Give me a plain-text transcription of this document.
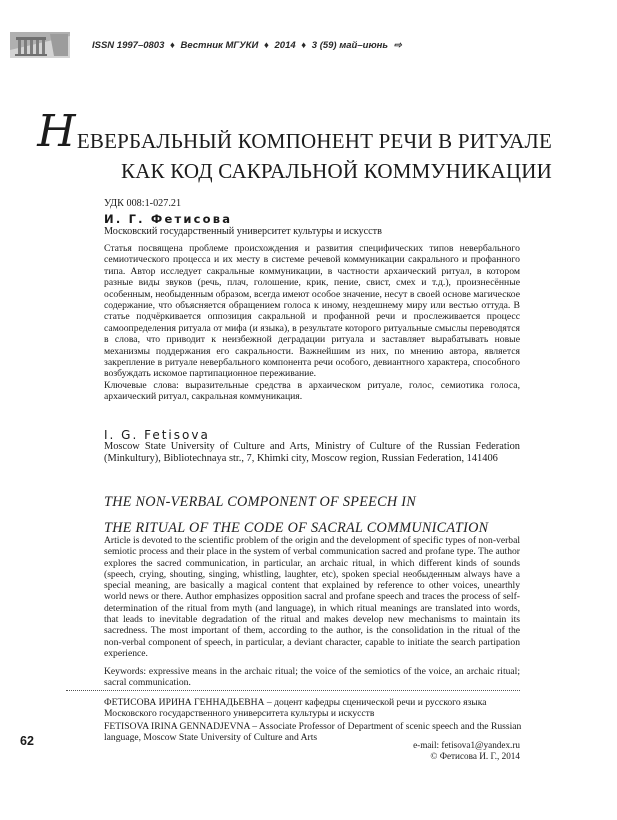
ISSN 1997–0803 ♦ Вестник МГУКИ ♦ 2014 ♦ 3 (59) май–июнь ⇨
Н ЕВЕРБАЛЬНЫЙ КОМПОНЕНТ РЕЧИ В РИТУАЛЕ
КАК КОД САКРАЛЬНОЙ КОММУНИКАЦИИ
УДК 008:1-027.21
И. Г. Фетисова
Московский государственный университет культуры и искусств
Статья посвящена проблеме происхождения и развития специфических типов невербального семиотического процесса и их месту в системе речевой коммуникации сакрального и профанного типа. Автор исследует сакральные коммуникации, в частности архаический ритуал, в котором разные виды звуков (речь, плач, голошение, крик, пение, свист, смех и т.д.), произнесённые особенным, необыденным образом, всегда имеют особое значение, несут в своей основе магическое содержание, что объясняется обращением голоса к иному, нездешнему миру или вестью оттуда. В статье подчёркивается оппозиция сакральной и профанной речи и прослеживается процесс самоопределения ритуала от мифа (и языка), в результате которого ритуальные смыслы переводятся в слова, что приводит к неизбежной деградации ритуала и заставляет вырабатывать новые механизмы поддержания его сакральности. Важнейшим из них, по мнению автора, является закрепление в ритуале невербального компонента речи особого, девиантного характера, способного возбуждать искомое партипационное переживание.
Ключевые слова: выразительные средства в архаическом ритуале, голос, семиотика голоса, архаический ритуал, сакральная коммуникация.
I. G. Fetisova
Moscow State University of Culture and Arts, Ministry of Culture of the Russian Federation (Minkultury), Bibliotechnaya str., 7, Khimki city, Moscow region, Russian Federation, 141406
THE NON-VERBAL COMPONENT OF SPEECH IN
THE RITUAL OF THE CODE OF SACRAL COMMUNICATION
Article is devoted to the scientific problem of the origin and the development of specific types of non-verbal semiotic process and their place in the system of verbal communication sacred and profane type. The author explores the sacred communication, in particular, an archaic ritual, in which different kinds of sounds (speech, crying, shouting, singing, whistling, laughter, etc), spoken special необыденным always have a special meaning, are basically a magical content that explained by reference to other voices, unearthly world news or there. Author emphasizes opposition sacral and profane speech and traces the process of self-determination of the ritual from myth (and language), in which ritual meanings are translated into words, that leads to inevitable degradation of the ritual and makes develop new mechanisms to maintain its sacredness. The most important of them, according to the author, is the consolidation in the ritual of the non-verbal component of speech, in particular, a deviant character, capable to initiate the search partipation experience.
Keywords: expressive means in the archaic ritual; the voice of the semiotics of the voice, an archaic ritual; sacral communication.
ФЕТИСОВА ИРИНА ГЕННАДЬЕВНА – доцент кафедры сценической речи и русского языка Московского государственного университета культуры и искусств
FETISOVA IRINA GENNADJEVNA – Associate Professor of Department of scenic speech and the Russian language, Moscow State University of Culture and Arts
62	e-mail: fetisova1@yandex.ru
© Фетисова И. Г., 2014
